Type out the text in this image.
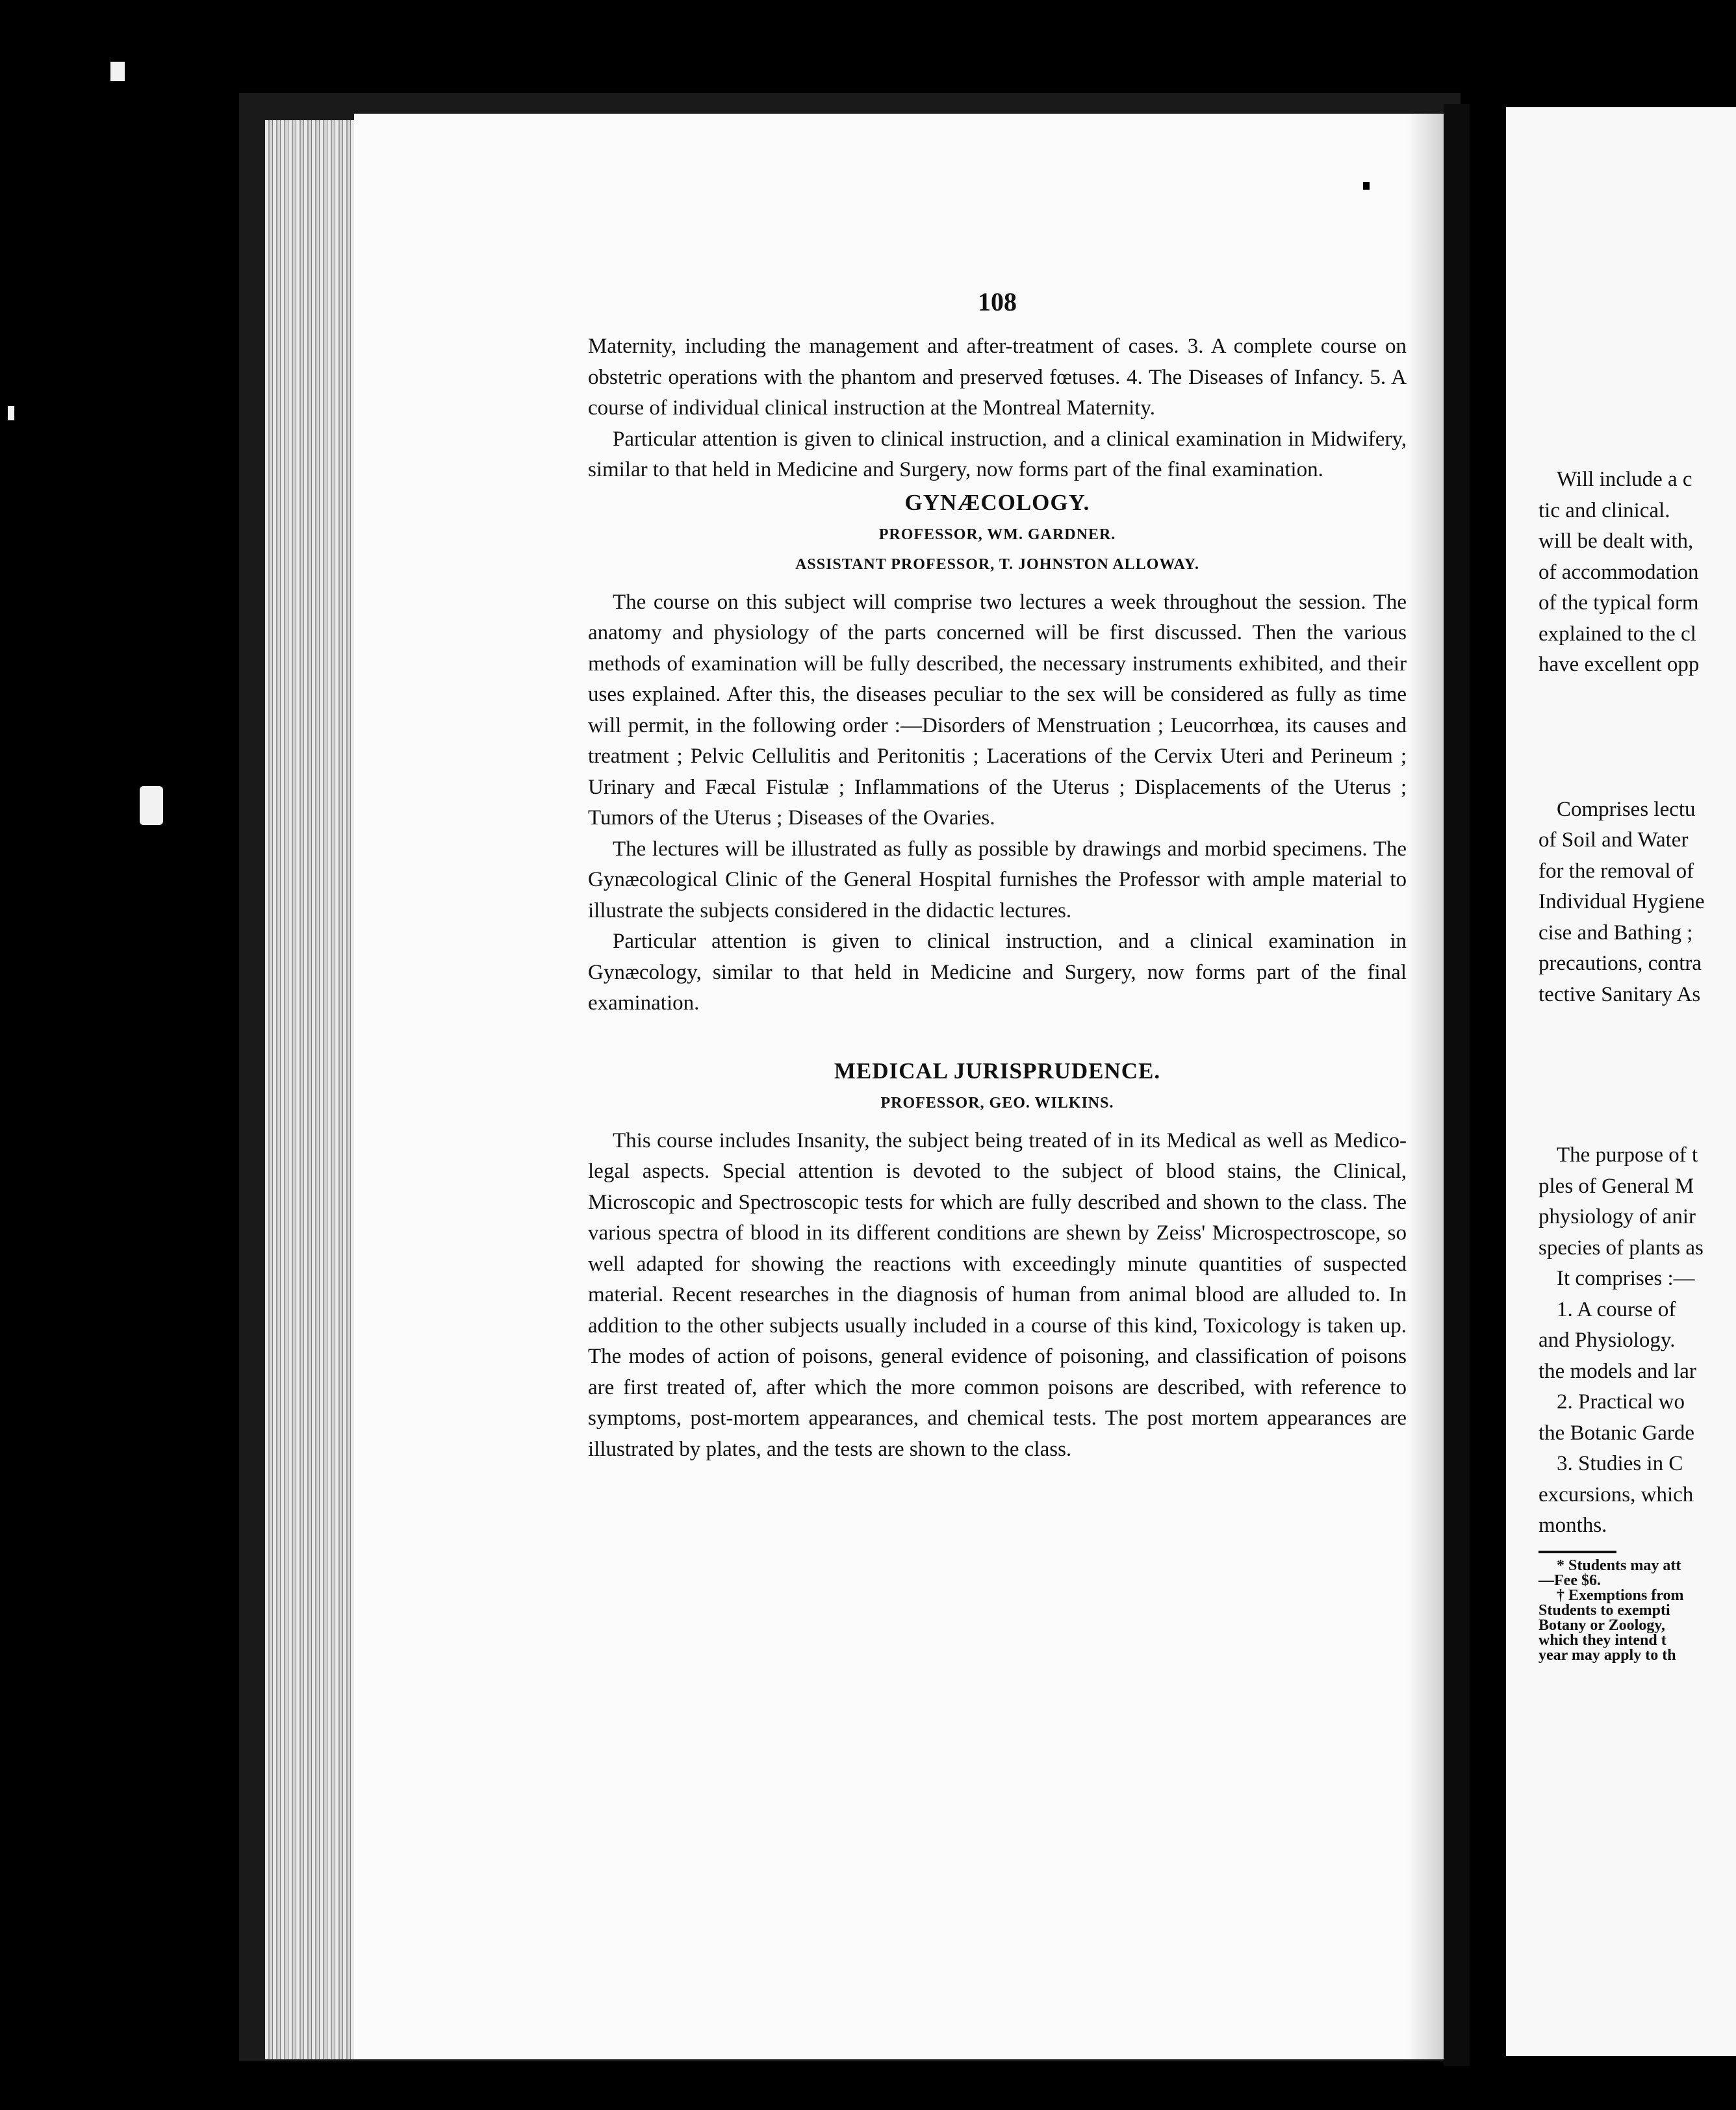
108

Maternity, including the management and after-treatment of cases. 3. A complete course on obstetric operations with the phantom and preserved fœtuses. 4. The Diseases of Infancy. 5. A course of individual clinical instruction at the Montreal Maternity.

Particular attention is given to clinical instruction, and a clinical examination in Midwifery, similar to that held in Medicine and Surgery, now forms part of the final examination.

GYNÆCOLOGY.

PROFESSOR, WM. GARDNER.

ASSISTANT PROFESSOR, T. JOHNSTON ALLOWAY.

The course on this subject will comprise two lectures a week throughout the session. The anatomy and physiology of the parts concerned will be first discussed. Then the various methods of examination will be fully described, the necessary instruments exhibited, and their uses explained. After this, the diseases peculiar to the sex will be considered as fully as time will permit, in the following order :—Disorders of Menstruation ; Leucorrhœa, its causes and treatment ; Pelvic Cellulitis and Peritonitis ; Lacerations of the Cervix Uteri and Perineum ; Urinary and Fæcal Fistulæ ; Inflammations of the Uterus ; Displacements of the Uterus ; Tumors of the Uterus ; Diseases of the Ovaries.

The lectures will be illustrated as fully as possible by drawings and morbid specimens. The Gynæcological Clinic of the General Hospital furnishes the Professor with ample material to illustrate the subjects considered in the didactic lectures.

Particular attention is given to clinical instruction, and a clinical examination in Gynæcology, similar to that held in Medicine and Surgery, now forms part of the final examination.

MEDICAL JURISPRUDENCE.

PROFESSOR, GEO. WILKINS.

This course includes Insanity, the subject being treated of in its Medical as well as Medico-legal aspects. Special attention is devoted to the subject of blood stains, the Clinical, Microscopic and Spectroscopic tests for which are fully described and shown to the class. The various spectra of blood in its different conditions are shewn by Zeiss' Microspectroscope, so well adapted for showing the reactions with exceedingly minute quantities of suspected material. Recent researches in the diagnosis of human from animal blood are alluded to. In addition to the other subjects usually included in a course of this kind, Toxicology is taken up. The modes of action of poisons, general evidence of poisoning, and classification of poisons are first treated of, after which the more common poisons are described, with reference to symptoms, post-mortem appearances, and chemical tests. The post mortem appearances are illustrated by plates, and the tests are shown to the class.

Will include a c

tic and clinical.

will be dealt with,

of accommodation

of the typical form

explained to the cl

have excellent opp

Comprises lectu

of Soil and Water

for the removal of

Individual Hygiene

cise and Bathing ;

precautions, contra

tective Sanitary As

The purpose of t

ples of General M

physiology of anir

species of plants as

It comprises :—

1. A course of

and Physiology.

the models and lar

2. Practical wo

the Botanic Garde

3. Studies in C

excursions, which

months.

* Students may att

—Fee $6.

† Exemptions from

Students to exempti

Botany or Zoology,

which they intend t

year may apply to th
